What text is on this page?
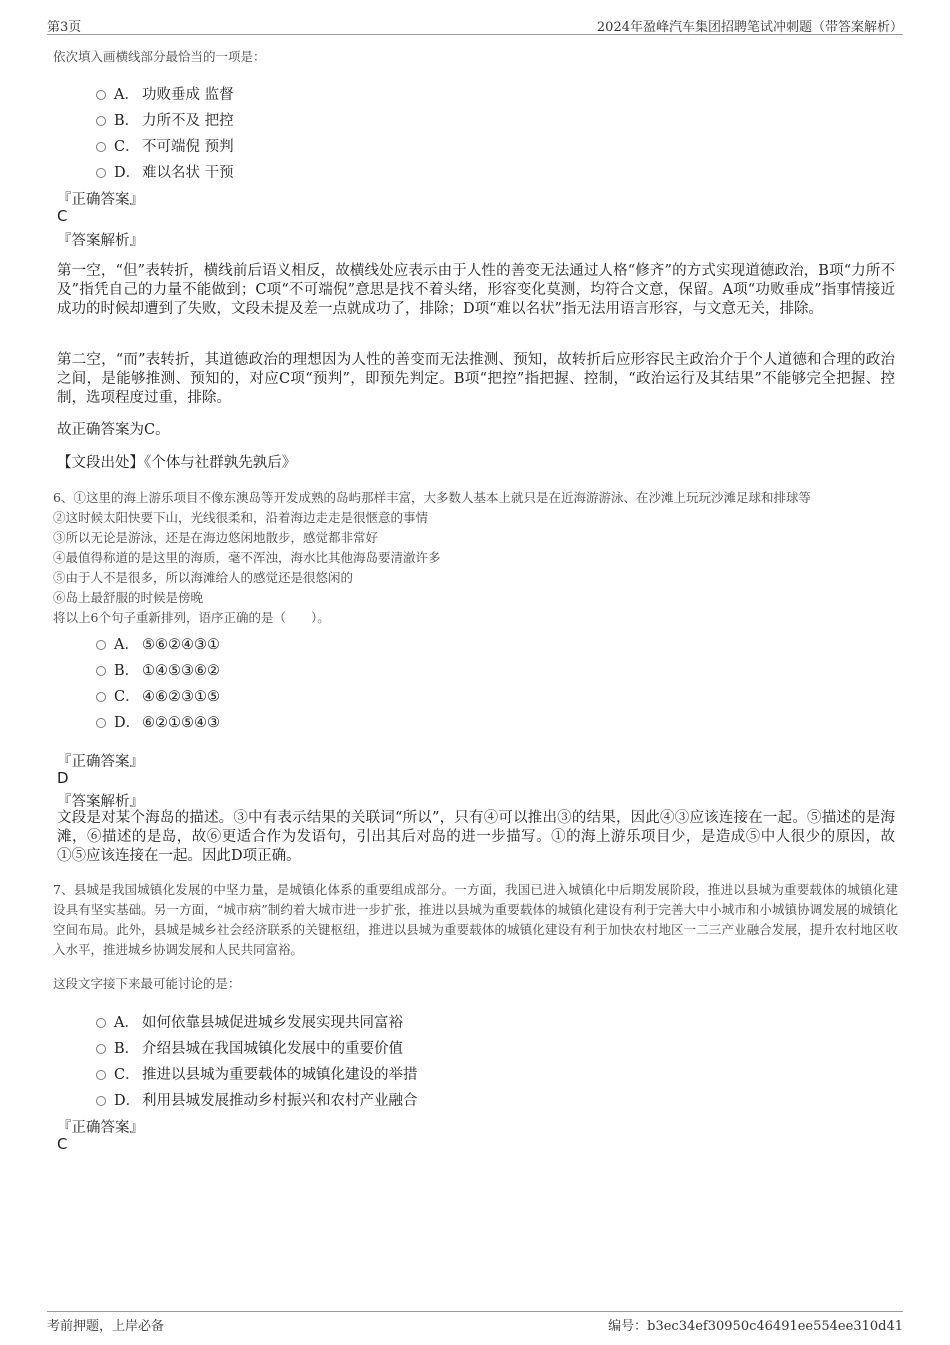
第3页	2024年盈峰汽车集团招聘笔试冲刺题（带答案解析）
依次填入画横线部分最恰当的一项是：
A． 功败垂成 监督
B． 力所不及 把控
C． 不可端倪 预判
D． 难以名状 干预
『正确答案』
C
『答案解析』
第一空，“但”表转折，横线前后语义相反，故横线处应表示由于人性的善变无法通过人格“修齐”的方式实现道德政治，B项“力所不及”指凭自己的力量不能做到；C项“不可端倪”意思是找不着头绪，形容变化莫测，均符合文意，保留。A项“功败垂成”指事情接近成功的时候却遭到了失败，文段未提及差一点就成功了，排除；D项“难以名状”指无法用语言形容，与文意无关，排除。
第二空，“而”表转折，其道德政治的理想因为人性的善变而无法推测、预知，故转折后应形容民主政治介于个人道德和合理的政治之间，是能够推测、预知的，对应C项“预判”，即预先判定。B项“把控”指把握、控制，“政治运行及其结果”不能够完全把握、控制，选项程度过重，排除。
故正确答案为C。
【文段出处】《个体与社群孰先孰后》
6、①这里的海上游乐项目不像东澳岛等开发成熟的岛屿那样丰富，大多数人基本上就只是在近海游游泳、在沙滩上玩玩沙滩足球和排球等
②这时候太阳快要下山，光线很柔和，沿着海边走走是很惬意的事情
③所以无论是游泳，还是在海边悠闲地散步，感觉都非常好
④最值得称道的是这里的海质，毫不浑浊，海水比其他海岛要清澈许多
⑤由于人不是很多，所以海滩给人的感觉还是很悠闲的
⑥岛上最舒服的时候是傍晚
将以上6个句子重新排列，语序正确的是（　　）。
A． ⑤⑥②④③①
B． ①④⑤③⑥②
C． ④⑥②③①⑤
D． ⑥②①⑤④③
『正确答案』
D
『答案解析』
文段是对某个海岛的描述。③中有表示结果的关联词“所以”，只有④可以推出③的结果，因此④③应该连接在一起。⑤描述的是海滩，⑥描述的是岛，故⑥更适合作为发语句，引出其后对岛的进一步描写。①的海上游乐项目少，是造成⑤中人很少的原因，故①⑤应该连接在一起。因此D项正确。
7、县城是我国城镇化发展的中坚力量，是城镇化体系的重要组成部分。一方面，我国已进入城镇化中后期发展阶段，推进以县城为重要载体的城镇化建设具有坚实基础。另一方面，“城市病”制约着大城市进一步扩张，推进以县城为重要载体的城镇化建设有利于完善大中小城市和小城镇协调发展的城镇化空间布局。此外，县城是城乡社会经济联系的关键枢纽，推进以县城为重要载体的城镇化建设有利于加快农村地区一二三产业融合发展，提升农村地区收入水平，推进城乡协调发展和人民共同富裕。
这段文字接下来最可能讨论的是：
A． 如何依靠县城促进城乡发展实现共同富裕
B． 介绍县城在我国城镇化发展中的重要价值
C． 推进以县城为重要载体的城镇化建设的举措
D． 利用县城发展推动乡村振兴和农村产业融合
『正确答案』
C
考前押题，上岸必备	编号：b3ec34ef30950c46491ee554ee310d41
